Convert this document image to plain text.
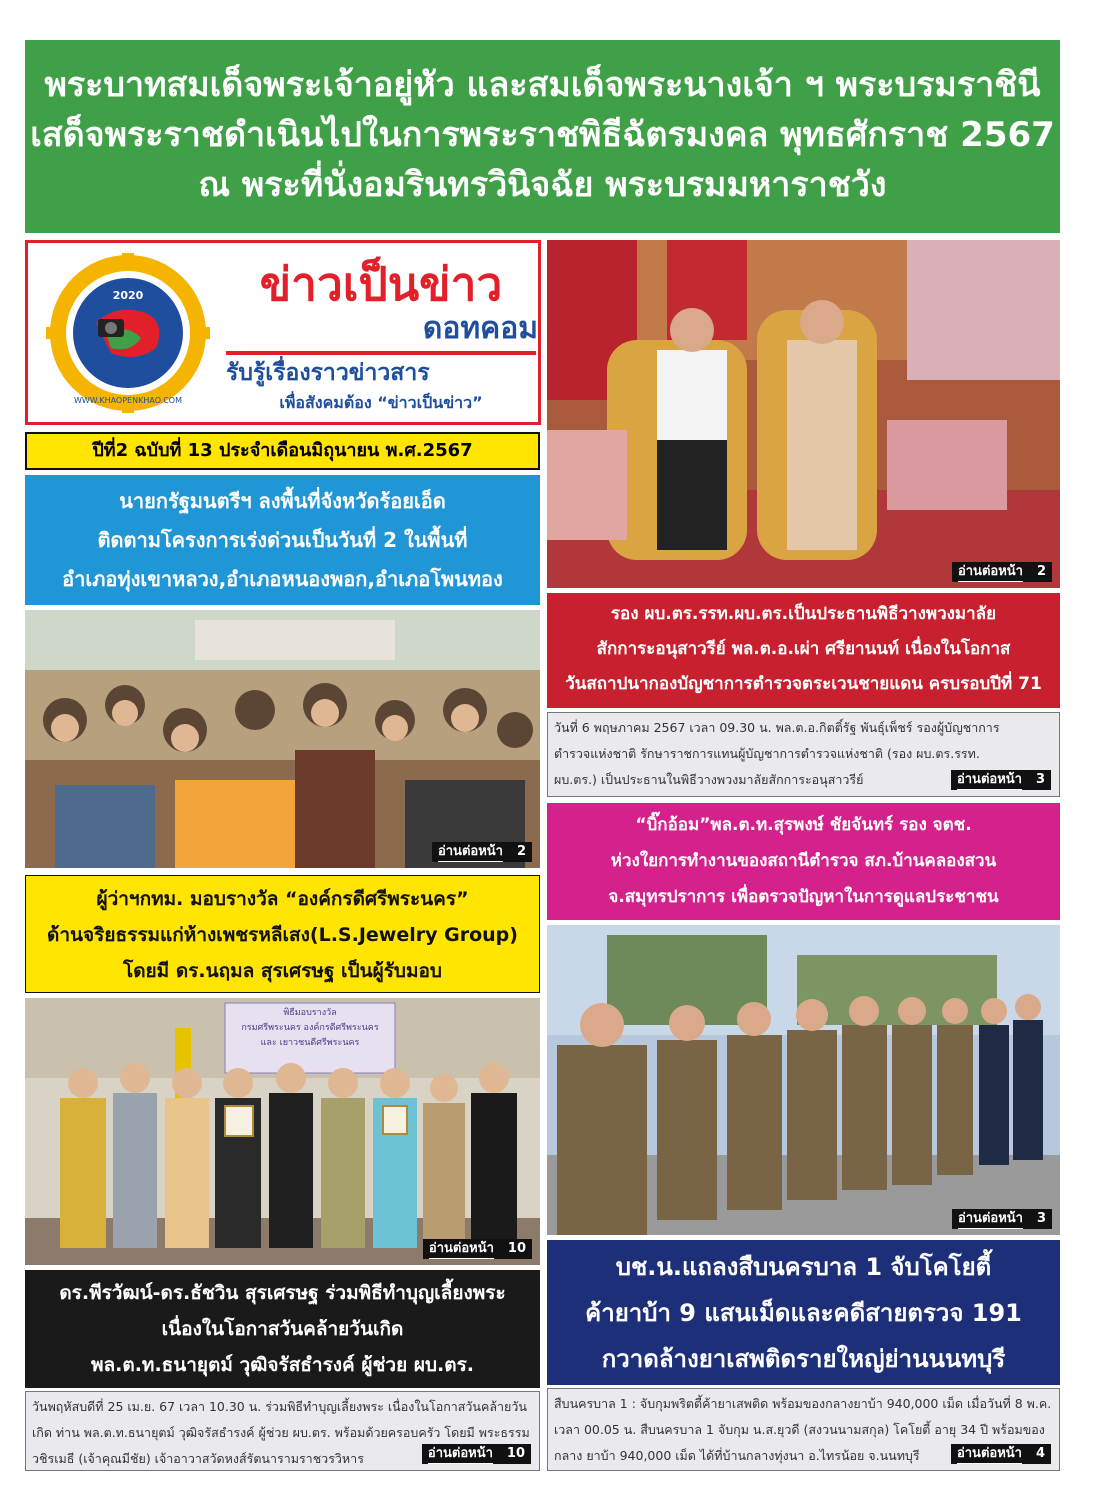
พระบาทสมเด็จพระเจ้าอยู่หัว และสมเด็จพระนางเจ้า ฯ พระบรมราชินี
เสด็จพระราชดำเนินไปในการพระราชพิธีฉัตรมงคล พุทธศักราช 2567
ณ พระที่นั่งอมรินทรวินิจฉัย พระบรมมหาราชวัง
2020
WWW.KHAOPENKHAO.COM
ข่าวเป็นข่าว
ดอทคอม
รับรู้เรื่องราวข่าวสาร
เพื่อสังคมต้อง “ข่าวเป็นข่าว”
ปีที่2 ฉบับที่ 13 ประจำเดือนมิถุนายน พ.ศ.2567
นายกรัฐมนตรีฯ ลงพื้นที่จังหวัดร้อยเอ็ด
ติดตามโครงการเร่งด่วนเป็นวันที่ 2 ในพื้นที่
อำเภอทุ่งเขาหลวง,อำเภอหนองพอก,อำเภอโพนทอง
อ่านต่อหน้า 2
ผู้ว่าฯกทม. มอบรางวัล “องค์กรดีศรีพระนคร”
ด้านจริยธรรมแก่ห้างเพชรหลีเสง(L.S.Jewelry Group)
โดยมี ดร.นฤมล สุรเศรษฐ เป็นผู้รับมอบ
พิธีมอบรางวัล
กรมศรีพระนคร องค์กรดีศรีพระนคร
และ เยาวชนดีศรีพระนคร
อ่านต่อหน้า 10
ดร.พีรวัฒน์-ดร.ธัชวิน สุรเศรษฐ ร่วมพิธีทำบุญเลี้ยงพระ
เนื่องในโอกาสวันคล้ายวันเกิด
พล.ต.ท.ธนายุตม์ วุฒิจรัสธำรงค์ ผู้ช่วย ผบ.ตร.

วันพฤหัสบดีที่ 25 เม.ย. 67 เวลา 10.30 น. ร่วมพิธีทำบุญเลี้ยงพระ เนื่องในโอกาสวันคล้ายวัน

เกิด ท่าน พล.ต.ท.ธนายุตม์ วุฒิจรัสธำรงค์ ผู้ช่วย ผบ.ตร. พร้อมด้วยครอบครัว โดยมี พระธรรม

วชิรเมธี (เจ้าคุณมีชัย) เจ้าอาวาสวัดหงส์รัตนารามราชวรวิหาร	อ่านต่อหน้า 10
อ่านต่อหน้า 2
รอง ผบ.ตร.รรท.ผบ.ตร.เป็นประธานพิธีวางพวงมาลัย
สักการะอนุสาวรีย์ พล.ต.อ.เผ่า ศรียานนท์ เนื่องในโอกาส
วันสถาปนากองบัญชาการตำรวจตระเวนชายแดน ครบรอบปีที่ 71

วันที่ 6 พฤษภาคม 2567 เวลา 09.30 น. พล.ต.อ.กิตติ์รัฐ พันธุ์เพ็ชร์ รองผู้บัญชาการ

ตำรวจแห่งชาติ รักษาราชการแทนผู้บัญชาการตำรวจแห่งชาติ (รอง ผบ.ตร.รรท.

ผบ.ตร.) เป็นประธานในพิธีวางพวงมาลัยสักการะอนุสาวรีย์	อ่านต่อหน้า 3
“บิ๊กอ้อม”พล.ต.ท.สุรพงษ์ ชัยจันทร์ รอง จตช.
ห่วงใยการทำงานของสถานีตำรวจ สภ.บ้านคลองสวน
จ.สมุทรปราการ เพื่อตรวจปัญหาในการดูแลประชาชน
อ่านต่อหน้า 3
บช.น.แถลงสืบนครบาล 1 จับโคโยตี้
ค้ายาบ้า 9 แสนเม็ดและคดีสายตรวจ 191
กวาดล้างยาเสพติดรายใหญ่ย่านนนทบุรี

สืบนครบาล 1 : จับกุมพริตตี้ค้ายาเสพติด พร้อมของกลางยาบ้า 940,000 เม็ด เมื่อวันที่ 8 พ.ค.

เวลา 00.05 น. สืบนครบาล 1 จับกุม น.ส.ยุวดี (สงวนนามสกุล) โคโยตี้ อายุ 34 ปี พร้อมของ

กลาง ยาบ้า 940,000 เม็ด ได้ที่บ้านกลางทุ่งนา อ.ไทรน้อย จ.นนทบุรี	อ่านต่อหน้า 4
